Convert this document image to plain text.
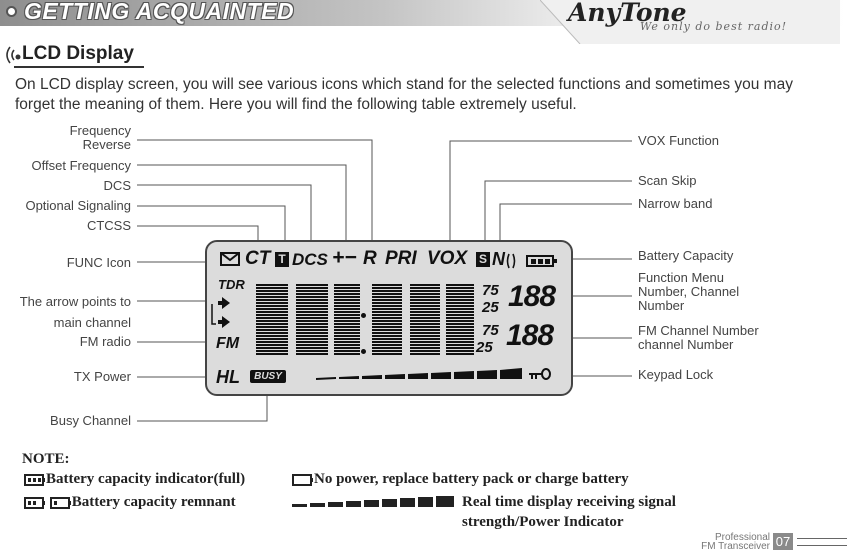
GETTING ACQUAINTED	AnyTone
We only do best radio!
LCD Display
On LCD display screen, you will see various icons which stand for the selected functions and sometimes you may forget the meaning of them. Here you will find the following table extremely useful.
Frequency
Reverse
Offset Frequency
DCS
Optional Signaling
CTCSS
FUNC Icon
The arrow points to
main channel
FM radio
TX Power
Busy Channel
VOX Function
Scan Skip
Narrow band
Battery Capacity
Function Menu
Number, Channel
Number
FM Channel Number
channel Number
Keypad Lock
CT T DCS +− R PRI VOX S N
TDR
FM
HL	BUSY
75
25
75
25
188
188
NOTE:
Battery capacity indicator(full)	No power, replace battery pack or charge battery
Battery capacity remnant	Real time display receiving signal
strength/Power Indicator
Professional
FM Transceiver 07
